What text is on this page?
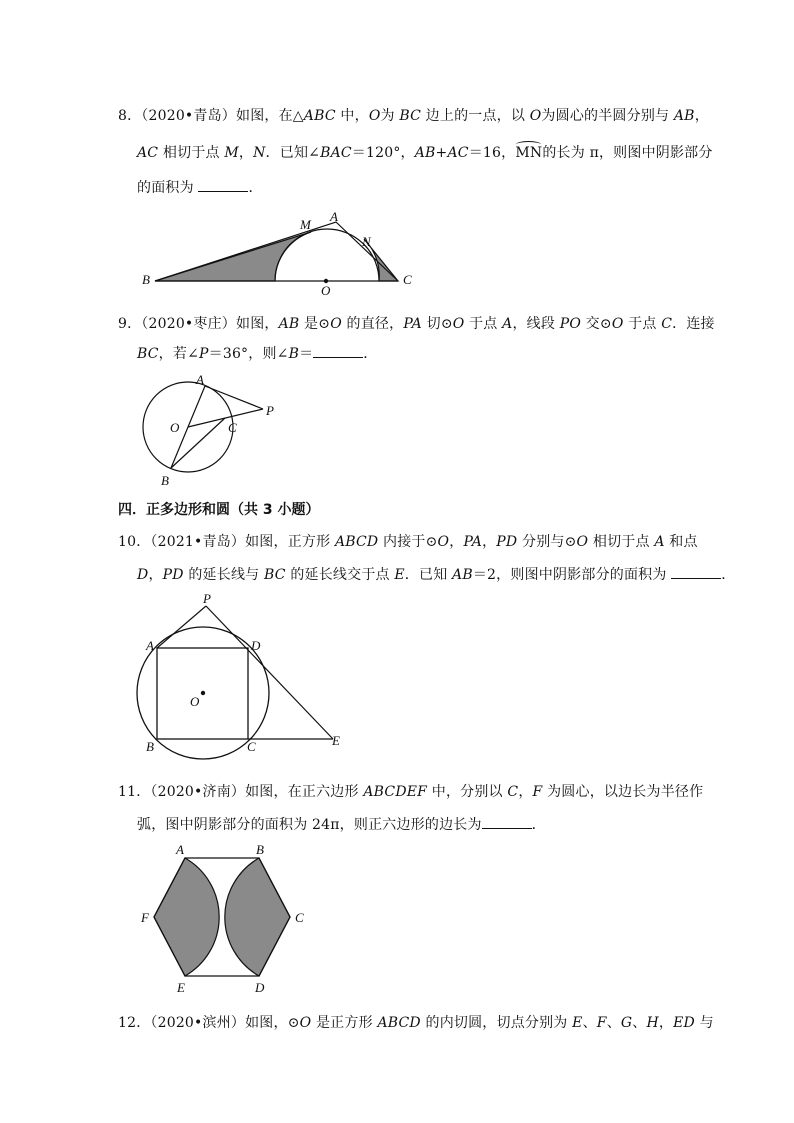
8．（2020•青岛）如图，在△ABC 中，O为 BC 边上的一点，以 O为圆心的半圆分别与 AB，
AC 相切于点 M，N．已知∠BAC＝120°，AB+AC＝16，MN的长为 π，则图中阴影部分
的面积为	．
M
A
N
B	C
O
9．（2020•枣庄）如图，AB 是⊙O 的直径，PA 切⊙O 于点 A，线段 PO 交⊙O 于点 C．连接
BC，若∠P＝36°，则∠B＝	．
A
P
O	C
B
四．正多边形和圆（共 3 小题）
10．（2021•青岛）如图，正方形 ABCD 内接于⊙O，PA，PD 分别与⊙O 相切于点 A 和点
D，PD 的延长线与 BC 的延长线交于点 E．已知 AB＝2，则图中阴影部分的面积为	．
P
A	D
O
B	C	E
11．（2020•济南）如图，在正六边形 ABCDEF 中，分别以 C，F 为圆心，以边长为半径作
弧，图中阴影部分的面积为 24π，则正六边形的边长为	．
A	B
F	C
E	D
12．（2020•滨州）如图，⊙O 是正方形 ABCD 的内切圆，切点分别为 E、F、G、H，ED 与
